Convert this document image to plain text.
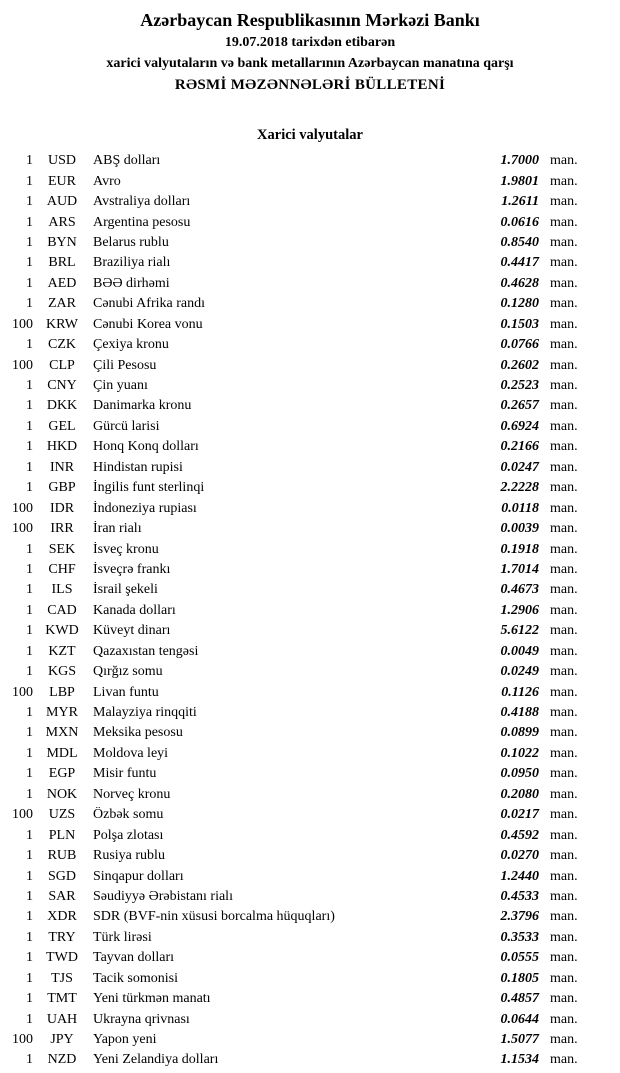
Azərbaycan Respublikasının Mərkəzi Bankı
19.07.2018 tarixdən etibarən
xarici valyutaların və bank metallarının Azərbaycan manatına qarşı
RƏSMİ MƏZƏNNƏLƏRİ BÜLLETENİ
Xarici valyutalar
1	USD	ABŞ dolları	1.7000 man.
1	EUR	Avro	1.9801 man.
1 AUD	Avstraliya dolları	1.2611 man.
1	ARS	Argentina pesosu	0.0616 man.
1	BYN	Belarus rublu	0.8540 man.
1	BRL	Braziliya rialı	0.4417 man.
1	AED	BƏƏ dirhəmi	0.4628 man.
1	ZAR	Cənubi Afrika randı	0.1280 man.
100 KRW	Cənubi Korea vonu	0.1503 man.
1	CZK	Çexiya kronu	0.0766 man.
100	CLP	Çili Pesosu	0.2602 man.
1	CNY	Çin yuanı	0.2523 man.
1 DKK	Danimarka kronu	0.2657 man.
1	GEL	Gürcü larisi	0.6924 man.
1 HKD	Honq Konq dolları	0.2166 man.
1	INR	Hindistan rupisi	0.0247 man.
1	GBP	İngilis funt sterlinqi	2.2228 man.
100	IDR	İndoneziya rupiası	0.0118 man.
100	IRR	İran rialı	0.0039 man.
1	SEK	İsveç kronu	0.1918 man.
1	CHF	İsveçrə frankı	1.7014 man.
1	ILS	İsrail şekeli	0.4673 man.
1	CAD	Kanada dolları	1.2906 man.
1 KWD	Küveyt dinarı	5.6122 man.
1	KZT	Qazaxıstan tengəsi	0.0049 man.
1	KGS	Qırğız somu	0.0249 man.
100	LBP	Livan funtu	0.1126 man.
1 MYR	Malayziya rinqqiti	0.4188 man.
1 MXN	Meksika pesosu	0.0899 man.
1 MDL	Moldova leyi	0.1022 man.
1	EGP	Misir funtu	0.0950 man.
1 NOK	Norveç kronu	0.2080 man.
100	UZS	Özbək somu	0.0217 man.
1	PLN	Polşa zlotası	0.4592 man.
1	RUB	Rusiya rublu	0.0270 man.
1	SGD	Sinqapur dolları	1.2440 man.
1	SAR	Səudiyyə Ərəbistanı rialı	0.4533 man.
1	XDR	SDR (BVF-nin xüsusi borcalma hüquqları)	2.3796 man.
1	TRY	Türk lirəsi	0.3533 man.
1 TWD	Tayvan dolları	0.0555 man.
1	TJS	Tacik somonisi	0.1805 man.
1	TMT	Yeni türkmən manatı	0.4857 man.
1 UAH	Ukrayna qrivnası	0.0644 man.
100	JPY	Yapon yeni	1.5077 man.
1	NZD	Yeni Zelandiya dolları	1.1534 man.
